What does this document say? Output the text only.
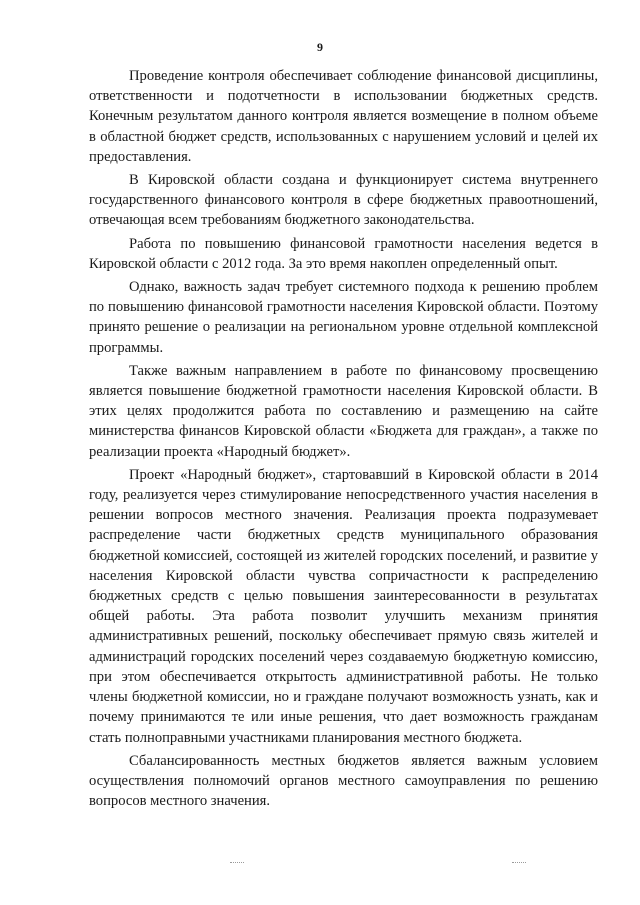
9

Проведение контроля обеспечивает соблюдение финансовой дисциплины, ответственности и подотчетности в использовании бюджетных средств. Конечным результатом данного контроля является возмещение в полном объеме в областной бюджет средств, использованных с нарушением условий и целей их предоставления.

В Кировской области создана и функционирует система внутреннего государственного финансового контроля в сфере бюджетных правоотношений, отвечающая всем требованиям бюджетного законодательства.

Работа по повышению финансовой грамотности населения ведется в Кировской области с 2012 года. За это время накоплен определенный опыт.

Однако, важность задач требует системного подхода к решению проблем по повышению финансовой грамотности населения Кировской области. Поэтому принято решение о реализации на региональном уровне отдельной комплексной программы.

Также важным направлением в работе по финансовому просвещению является повышение бюджетной грамотности населения Кировской области. В этих целях продолжится работа по составлению и размещению на сайте министерства финансов Кировской области «Бюджета для граждан», а также по реализации проекта «Народный бюджет».

Проект «Народный бюджет», стартовавший в Кировской области в 2014 году, реализуется через стимулирование непосредственного участия населения в решении вопросов местного значения. Реализация проекта подразумевает распределение части бюджетных средств муниципального образования бюджетной комиссией, состоящей из жителей городских поселений, и развитие у населения Кировской области чувства сопричастности к распределению бюджетных средств с целью повышения заинтересованности в результатах общей работы. Эта работа позволит улучшить механизм принятия административных решений, поскольку обеспечивает прямую связь жителей и администраций городских поселений через создаваемую бюджетную комиссию, при этом обеспечивается открытость административной работы. Не только члены бюджетной комиссии, но и граждане получают возможность узнать, как и почему принимаются те или иные решения, что дает возможность гражданам стать полноправными участниками планирования местного бюджета.

Сбалансированность местных бюджетов является важным условием осуществления полномочий органов местного самоуправления по решению вопросов местного значения.
